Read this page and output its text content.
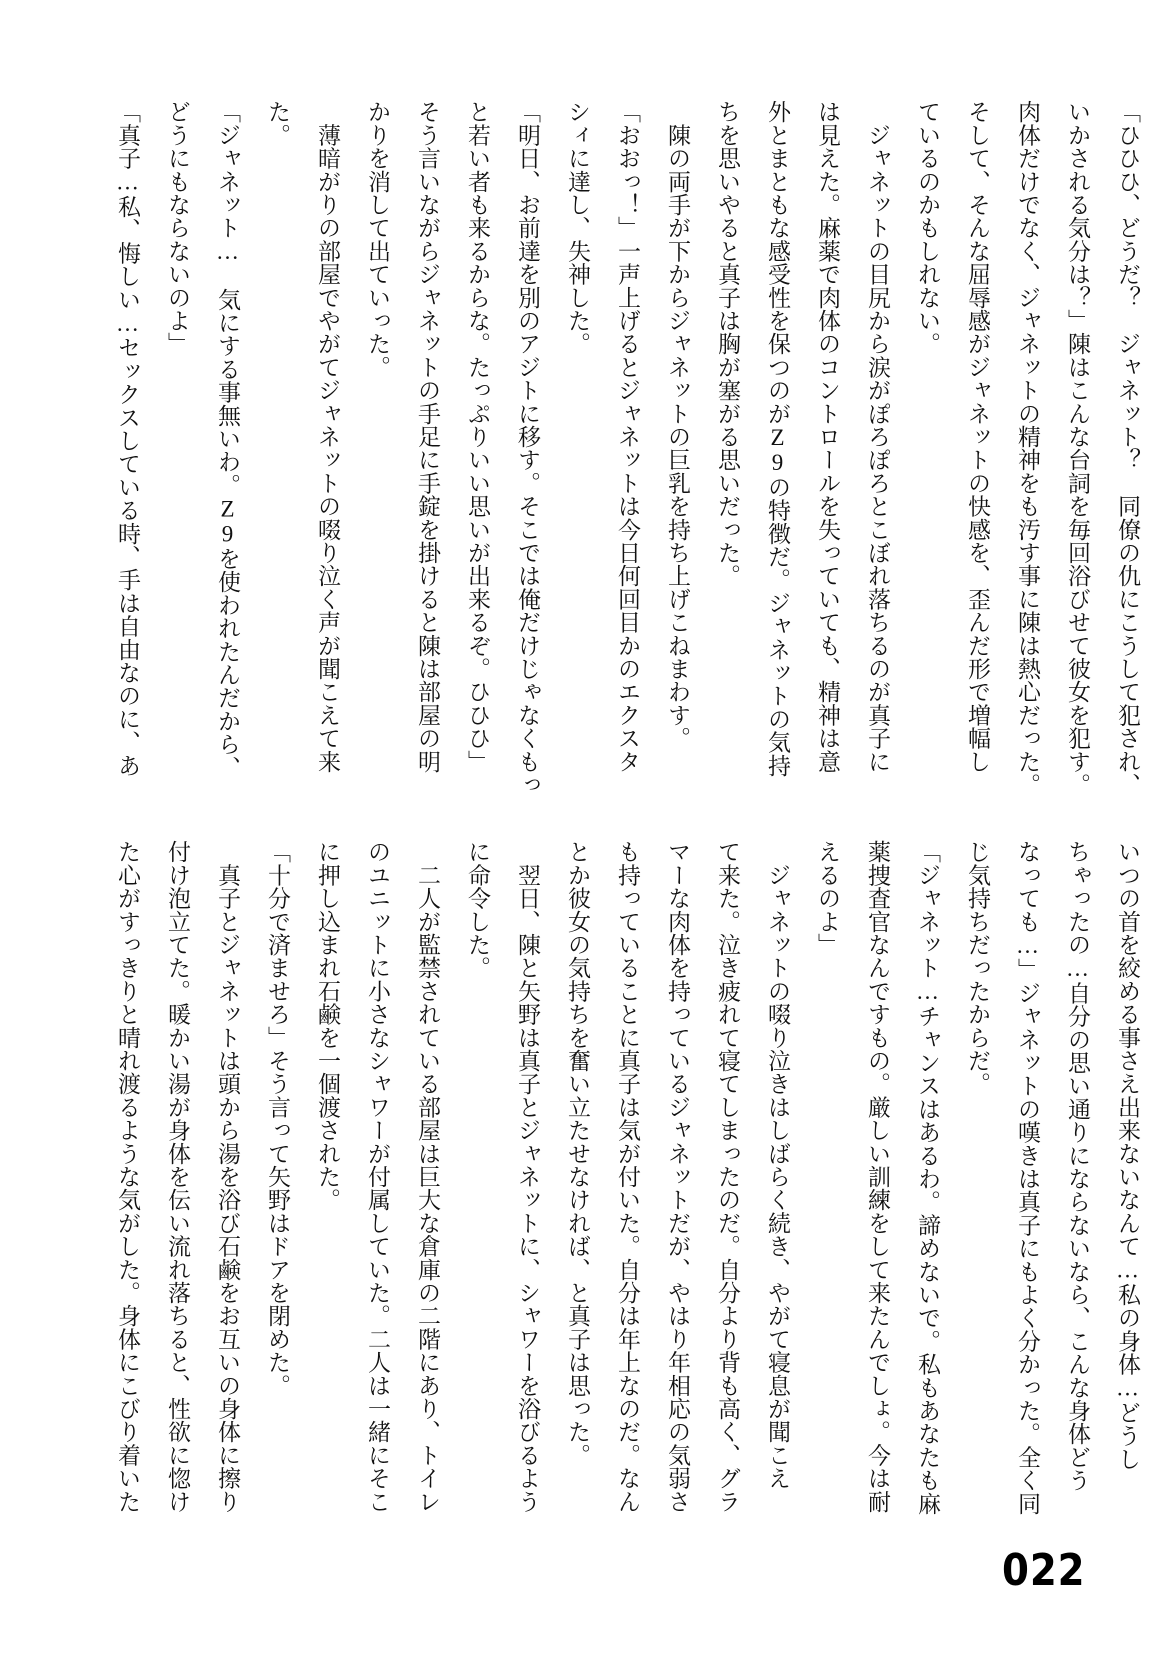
「ひひひ、どうだ？　ジャネット？　同僚の仇にこうして犯され、
いかされる気分は？」陳はこんな台詞を毎回浴びせて彼女を犯す。
肉体だけでなく、ジャネットの精神をも汚す事に陳は熱心だった。
そして、そんな屈辱感がジャネットの快感を、歪んだ形で増幅し
ているのかもしれない。
　ジャネットの目尻から涙がぽろぽろとこぼれ落ちるのが真子に
は見えた。麻薬で肉体のコントロールを失っていても、精神は意
外とまともな感受性を保つのがZ9の特徴だ。ジャネットの気持
ちを思いやると真子は胸が塞がる思いだった。
　陳の両手が下からジャネットの巨乳を持ち上げこねまわす。
「おおっ！」一声上げるとジャネットは今日何回目かのエクスタ
シィに達し、失神した。
「明日、お前達を別のアジトに移す。そこでは俺だけじゃなくもっ
と若い者も来るからな。たっぷりいい思いが出来るぞ。ひひひ」
そう言いながらジャネットの手足に手錠を掛けると陳は部屋の明
かりを消して出ていった。
　薄暗がりの部屋でやがてジャネットの啜り泣く声が聞こえて来
た。
「ジャネット…　気にする事無いわ。Z9を使われたんだから、
どうにもならないのよ」
「真子…私、悔しい…セックスしている時、手は自由なのに、あ
いつの首を絞める事さえ出来ないなんて…私の身体…どうし
ちゃったの…自分の思い通りにならないなら、こんな身体どう
なっても…」ジャネットの嘆きは真子にもよく分かった。全く同
じ気持ちだったからだ。
「ジャネット…チャンスはあるわ。諦めないで。私もあなたも麻
薬捜査官なんですもの。厳しい訓練をして来たんでしょ。今は耐
えるのよ」
　ジャネットの啜り泣きはしばらく続き、やがて寝息が聞こえ
て来た。泣き疲れて寝てしまったのだ。自分より背も高く、グラ
マーな肉体を持っているジャネットだが、やはり年相応の気弱さ
も持っていることに真子は気が付いた。自分は年上なのだ。なん
とか彼女の気持ちを奮い立たせなければ、と真子は思った。
　翌日、陳と矢野は真子とジャネットに、シャワーを浴びるよう
に命令した。
　二人が監禁されている部屋は巨大な倉庫の二階にあり、トイレ
のユニットに小さなシャワーが付属していた。二人は一緒にそこ
に押し込まれ石鹸を一個渡された。
「十分で済ませろ」そう言って矢野はドアを閉めた。
　真子とジャネットは頭から湯を浴び石鹸をお互いの身体に擦り
付け泡立てた。暖かい湯が身体を伝い流れ落ちると、性欲に惚け
た心がすっきりと晴れ渡るような気がした。身体にこびり着いた
022
